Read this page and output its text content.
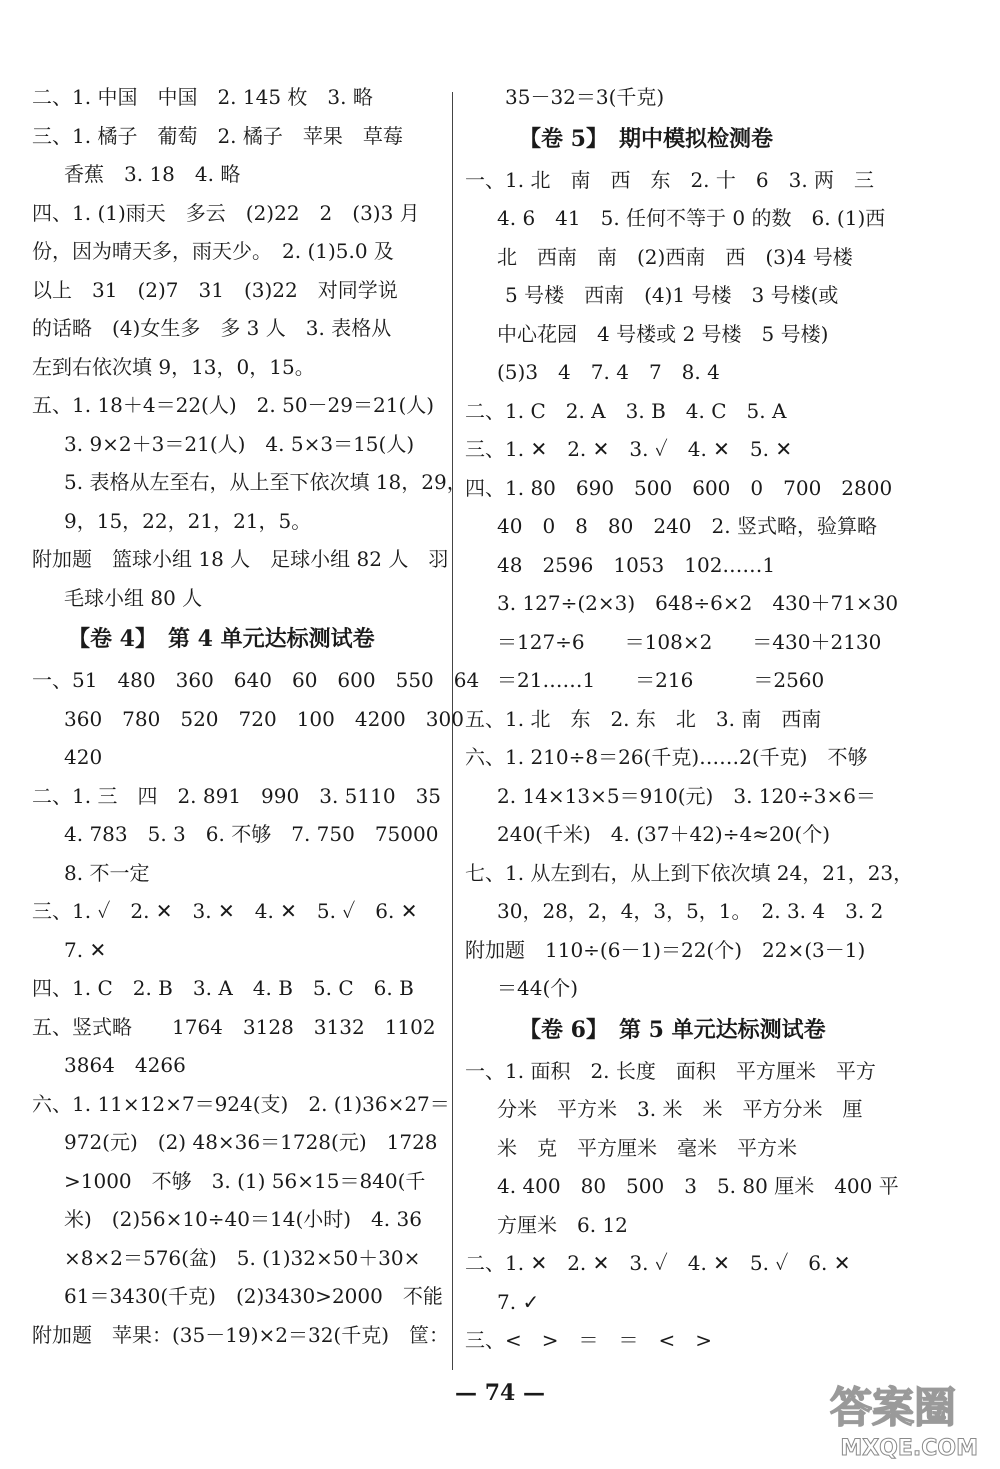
二、1. 中国　中国　2. 145 枚　3. 略
三、1. 橘子　葡萄　2. 橘子　苹果　草莓
香蕉　3. 18　4. 略
四、1. (1)雨天　多云　(2)22　2　(3)3 月
份，因为晴天多，雨天少。　2. (1)5.0 及
以上　31　(2)7　31　(3)22　对同学说
的话略　(4)女生多　多 3 人　3. 表格从
左到右依次填 9，13，0，15。
五、1. 18＋4＝22(人)　2. 50－29＝21(人)
3. 9×2＋3＝21(人)　4. 5×3＝15(人)
5. 表格从左至右，从上至下依次填 18，29，
9，15，22，21，21，5。
附加题　篮球小组 18 人　足球小组 82 人　羽
毛球小组 80 人
【卷 4】　第 4 单元达标测试卷
一、51　480　360　640　60　600　550　64
360　780　520　720　100　4200　300
420
二、1. 三　四　2. 891　990　3. 5110　35
4. 783　5. 3　6. 不够　7. 750　75000
8. 不一定
三、1. ✓　2. ✕　3. ✕　4. ✕　5. ✓　6. ✕
7. ✕
四、1. C　2. B　3. A　4. B　5. C　6. B
五、竖式略　　1764　3128　3132　1102
3864　4266
六、1. 11×12×7＝924(支)　2. (1)36×27＝
972(元)　(2) 48×36＝1728(元)　1728
>1000　不够　3. (1) 56×15＝840(千
米)　(2)56×10÷40＝14(小时)　4. 36
×8×2＝576(盆)　5. (1)32×50＋30×
61＝3430(千克)　(2)3430>2000　不能
附加题　苹果：(35－19)×2＝32(千克)　筐：
35－32＝3(千克)
【卷 5】　期中模拟检测卷
一、1. 北　南　西　东　2. 十　6　3. 两　三
4. 6　41　5. 任何不等于 0 的数　6. (1)西
北　西南　南　(2)西南　西　(3)4 号楼
5 号楼　西南　(4)1 号楼　3 号楼(或
中心花园　4 号楼或 2 号楼　5 号楼)
(5)3　4　7. 4　7　8. 4
二、1. C　2. A　3. B　4. C　5. A
三、1. ✕　2. ✕　3. ✓　4. ✕　5. ✕
四、1. 80　690　500　600　0　700　2800
40　0　8　80　240　2. 竖式略，验算略
48　2596　1053　102……1
3. 127÷(2×3)　648÷6×2　430＋71×30
＝127÷6　　＝108×2　　＝430＋2130
＝21……1　　＝216　　　＝2560
五、1. 北　东　2. 东　北　3. 南　西南
六、1. 210÷8＝26(千克)……2(千克)　不够
2. 14×13×5＝910(元)　3. 120÷3×6＝
240(千米)　4. (37＋42)÷4≈20(个)
七、1. 从左到右，从上到下依次填 24，21，23，
30，28，2，4，3，5，1。　2. 3. 4　3. 2
附加题　110÷(6－1)＝22(个)　22×(3－1)
＝44(个)
【卷 6】　第 5 单元达标测试卷
一、1. 面积　2. 长度　面积　平方厘米　平方
分米　平方米　3. 米　米　平方分米　厘
米　克　平方厘米　毫米　平方米
4. 400　80　500　3　5. 80 厘米　400 平
方厘米　6. 12
二、1. ✕　2. ✕　3. ✓　4. ✕　5. ✓　6. ✕
7. ✓
三、<　>　＝　＝　<　>
— 74 —	答案圈
MXQE.COM
